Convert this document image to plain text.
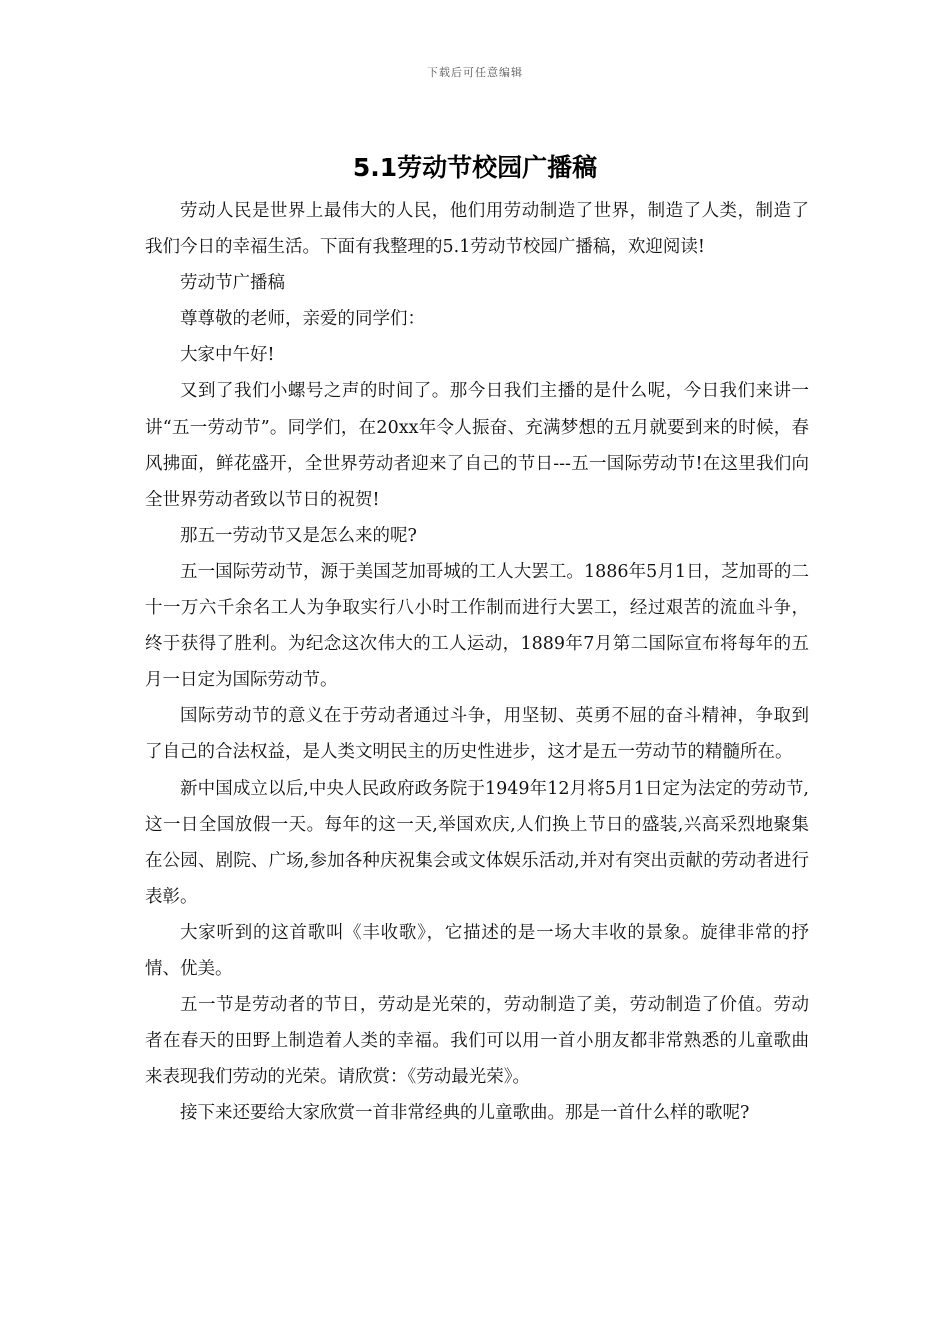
下载后可任意编辑
5.1劳动节校园广播稿

劳动人民是世界上最伟大的人民，他们用劳动制造了世界，制造了人类，制造了我们今日的幸福生活。下面有我整理的5.1劳动节校园广播稿，欢迎阅读!

劳动节广播稿

尊尊敬的老师，亲爱的同学们：

大家中午好!

又到了我们小螺号之声的时间了。那今日我们主播的是什么呢，今日我们来讲一讲“五一劳动节”。同学们，在20xx年令人振奋、充满梦想的五月就要到来的时候，春风拂面，鲜花盛开，全世界劳动者迎来了自己的节日---五一国际劳动节!在这里我们向全世界劳动者致以节日的祝贺!

那五一劳动节又是怎么来的呢?

五一国际劳动节，源于美国芝加哥城的工人大罢工。1886年5月1日，芝加哥的二十一万六千余名工人为争取实行八小时工作制而进行大罢工，经过艰苦的流血斗争，终于获得了胜利。为纪念这次伟大的工人运动，1889年7月第二国际宣布将每年的五月一日定为国际劳动节。

国际劳动节的意义在于劳动者通过斗争，用坚韧、英勇不屈的奋斗精神，争取到了自己的合法权益，是人类文明民主的历史性进步，这才是五一劳动节的精髓所在。

新中国成立以后,中央人民政府政务院于1949年12月将5月1日定为法定的劳动节,这一日全国放假一天。每年的这一天,举国欢庆,人们换上节日的盛装,兴高采烈地聚集在公园、剧院、广场,参加各种庆祝集会或文体娱乐活动,并对有突出贡献的劳动者进行表彰。

大家听到的这首歌叫《丰收歌》，它描述的是一场大丰收的景象。旋律非常的抒情、优美。

五一节是劳动者的节日，劳动是光荣的，劳动制造了美，劳动制造了价值。劳动者在春天的田野上制造着人类的幸福。我们可以用一首小朋友都非常熟悉的儿童歌曲来表现我们劳动的光荣。请欣赏：《劳动最光荣》。

接下来还要给大家欣赏一首非常经典的儿童歌曲。那是一首什么样的歌呢?
